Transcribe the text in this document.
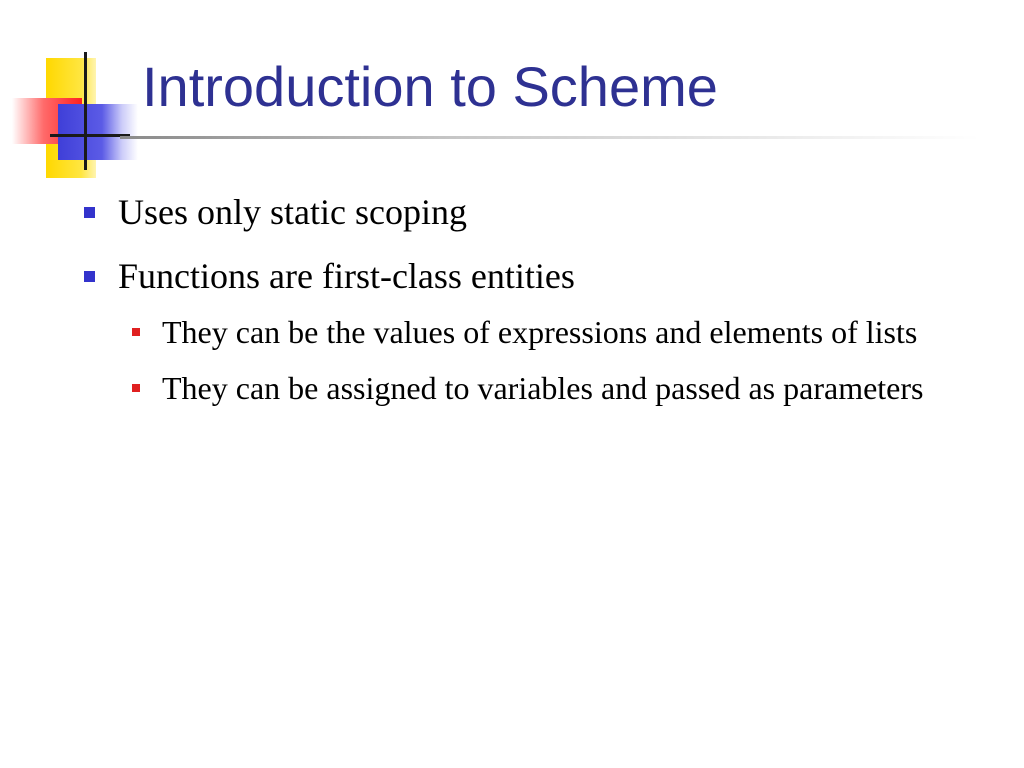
Introduction to Scheme
Uses only static scoping
Functions are first-class entities
They can be the values of expressions and elements of lists
They can be assigned to variables and passed as parameters
